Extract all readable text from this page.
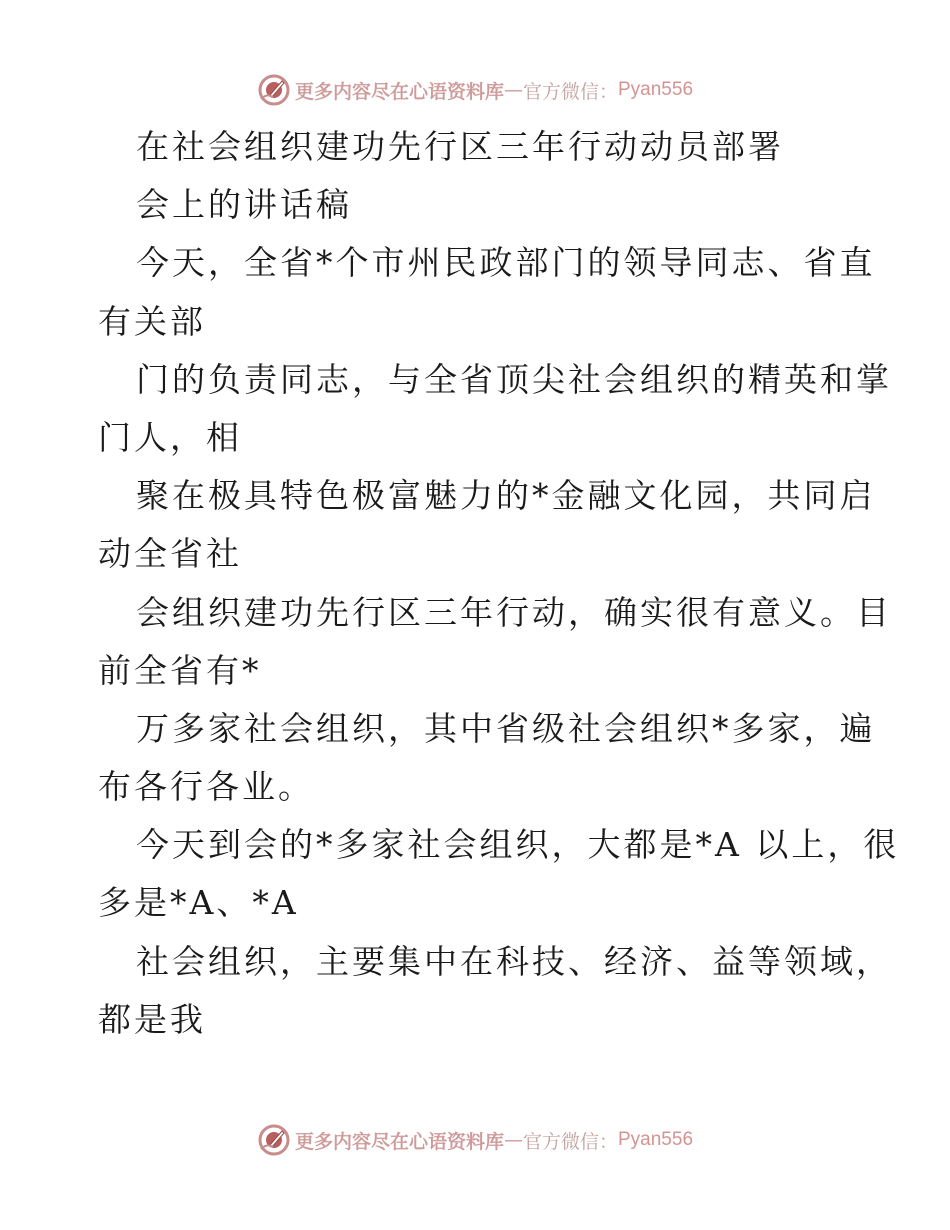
更多内容尽在心语资料库 — 官方微信： Pyan556
在社会组织建功先行区三年行动动员部署
会上的讲话稿
今天，全省*个市州民政部门的领导同志、省直
有关部
门的负责同志，与全省顶尖社会组织的精英和掌
门人，相
聚在极具特色极富魅力的*金融文化园，共同启
动全省社
会组织建功先行区三年行动，确实很有意义。目
前全省有*
万多家社会组织，其中省级社会组织*多家，遍
布各行各业。
今天到会的*多家社会组织，大都是*A 以上，很
多是*A、*A
社会组织，主要集中在科技、经济、益等领域，
都是我
更多内容尽在心语资料库 — 官方微信： Pyan556
